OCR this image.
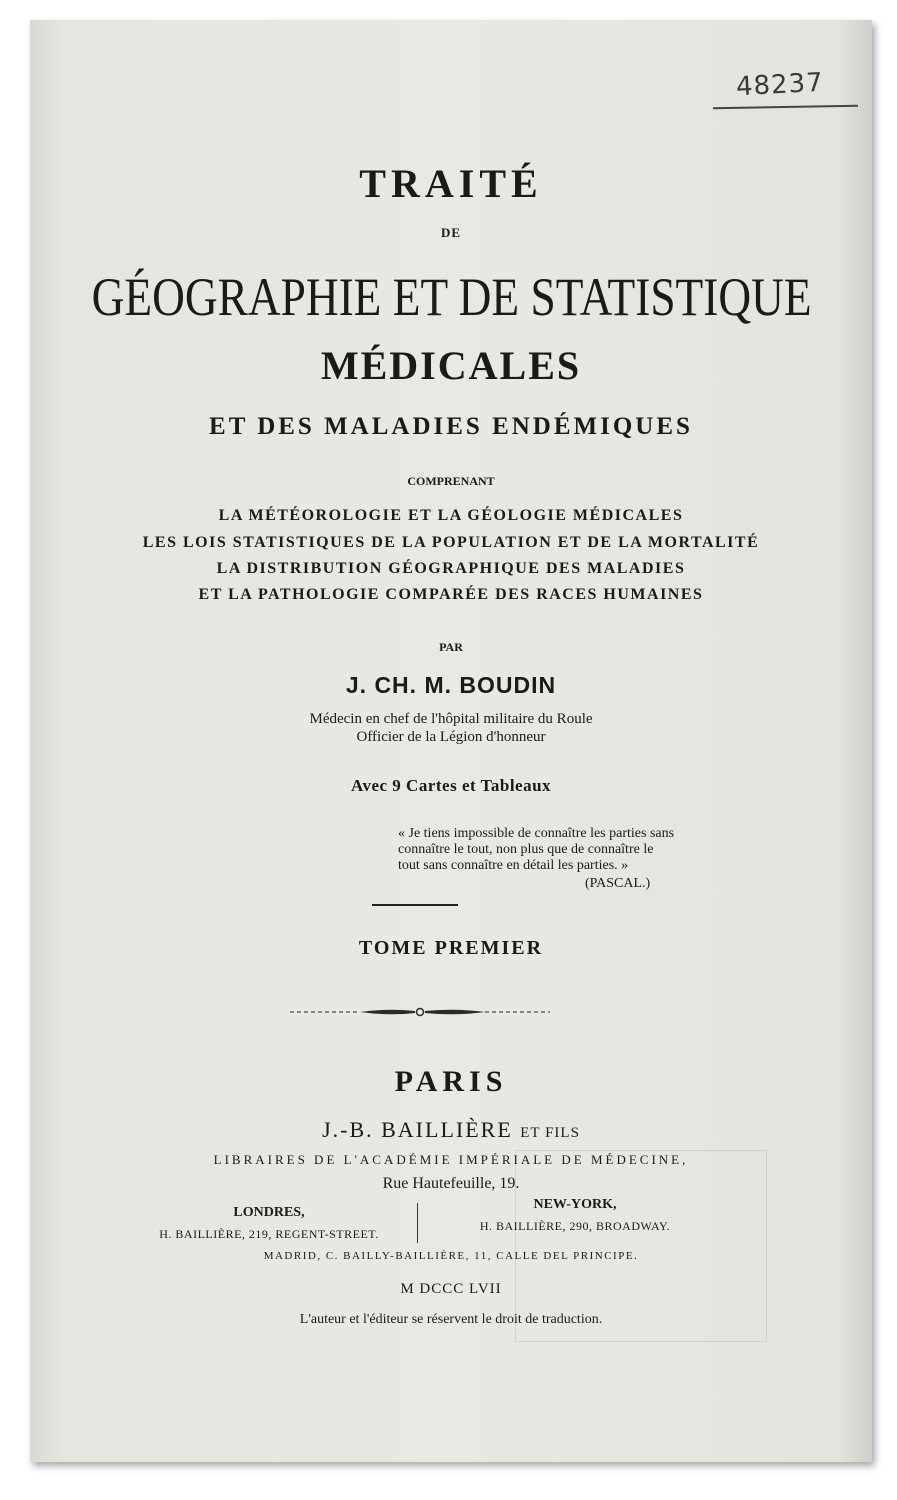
48237
TRAITÉ
DE
GÉOGRAPHIE ET DE STATISTIQUE
MÉDICALES
ET DES MALADIES ENDÉMIQUES
COMPRENANT
LA MÉTÉOROLOGIE ET LA GÉOLOGIE MÉDICALES
LES LOIS STATISTIQUES DE LA POPULATION ET DE LA MORTALITÉ
LA DISTRIBUTION GÉOGRAPHIQUE DES MALADIES
ET LA PATHOLOGIE COMPARÉE DES RACES HUMAINES
PAR
J. CH. M. BOUDIN
Médecin en chef de l'hôpital militaire du Roule
Officier de la Légion d'honneur
Avec 9 Cartes et Tableaux
« Je tiens impossible de connaître les parties sans
connaître le tout, non plus que de connaître le
tout sans connaître en détail les parties. »
(PASCAL.)
TOME PREMIER
PARIS
J.-B. BAILLIÈRE ET FILS
LIBRAIRES DE L'ACADÉMIE IMPÉRIALE DE MÉDECINE,
Rue Hautefeuille, 19.
LONDRES,
H. BAILLIÈRE, 219, REGENT-STREET.
NEW-YORK,
H. BAILLIÈRE, 290, BROADWAY.
MADRID, C. BAILLY-BAILLIÈRE, 11, CALLE DEL PRINCIPE.
M DCCC LVII
L'auteur et l'éditeur se réservent le droit de traduction.
